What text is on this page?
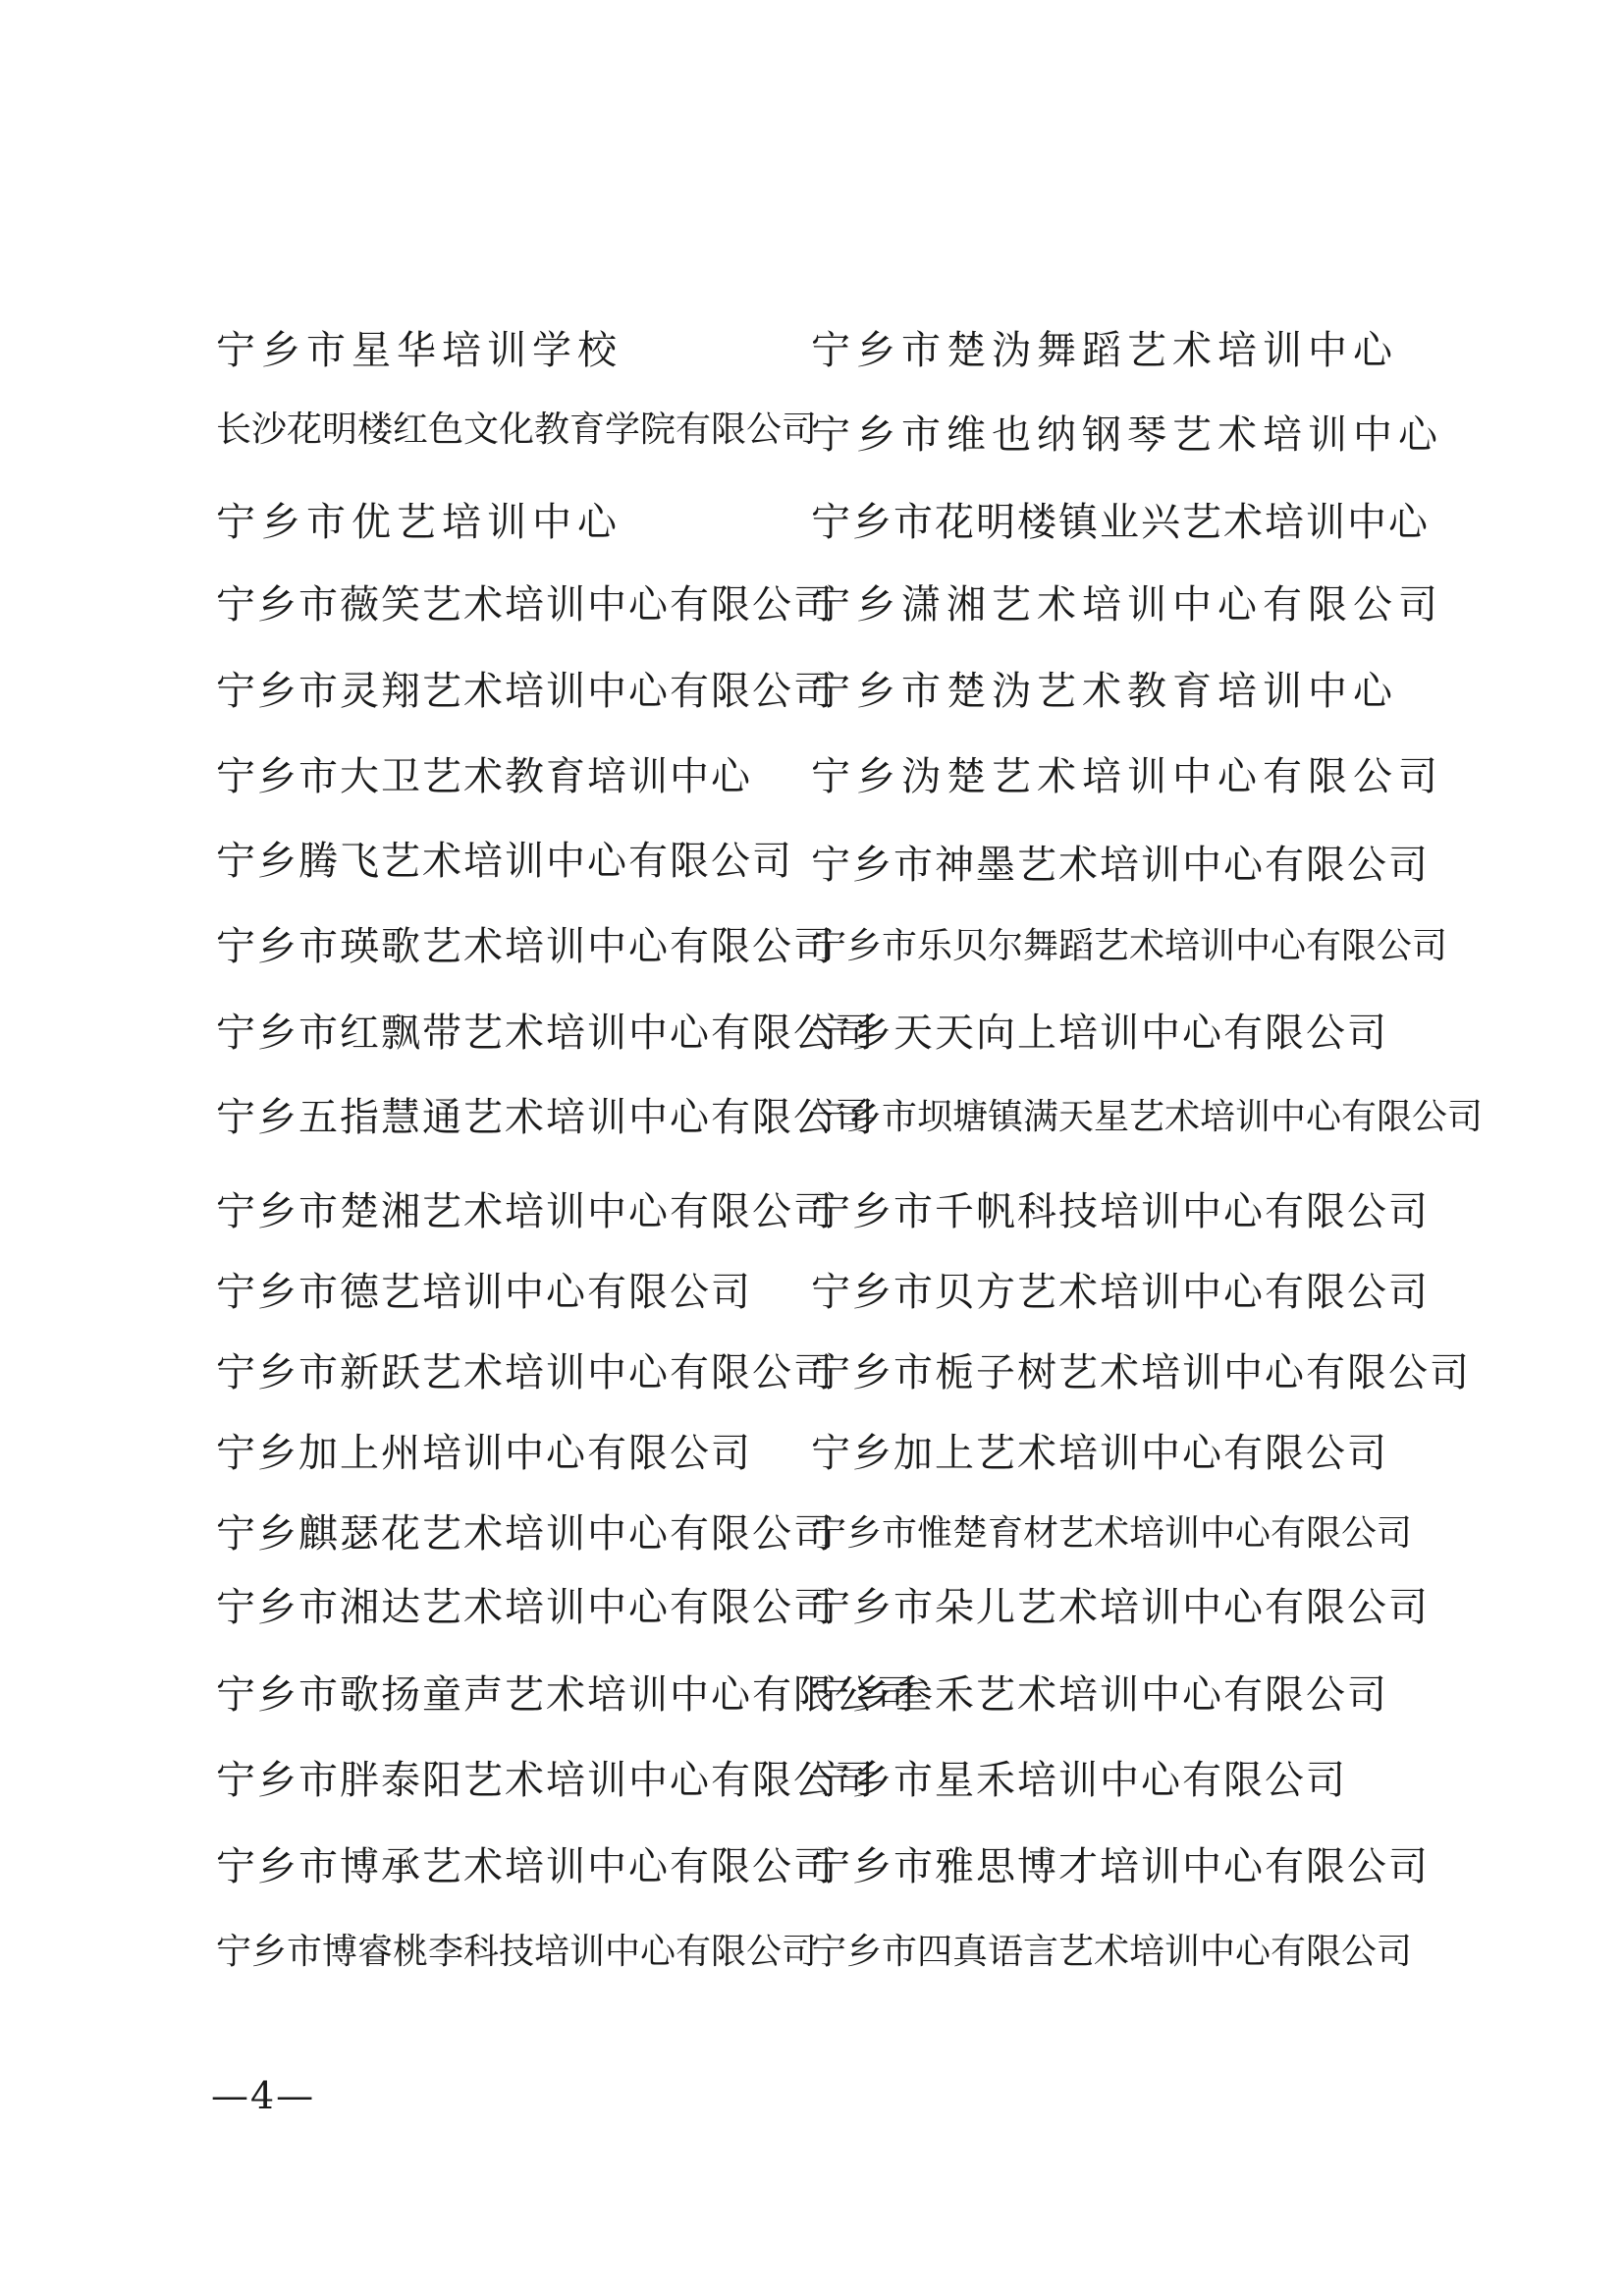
宁乡市星华培训学校
长沙花明楼红色文化教育学院有限公司
宁乡市优艺培训中心
宁乡市薇笑艺术培训中心有限公司
宁乡市灵翔艺术培训中心有限公司
宁乡市大卫艺术教育培训中心
宁乡腾飞艺术培训中心有限公司
宁乡市瑛歌艺术培训中心有限公司
宁乡市红飘带艺术培训中心有限公司
宁乡五指慧通艺术培训中心有限公司
宁乡市楚湘艺术培训中心有限公司
宁乡市德艺培训中心有限公司
宁乡市新跃艺术培训中心有限公司
宁乡加上州培训中心有限公司
宁乡麒瑟花艺术培训中心有限公司
宁乡市湘达艺术培训中心有限公司
宁乡市歌扬童声艺术培训中心有限公司
宁乡市胖泰阳艺术培训中心有限公司
宁乡市博承艺术培训中心有限公司
宁乡市博睿桃李科技培训中心有限公司
宁乡市楚沩舞蹈艺术培训中心
宁乡市维也纳钢琴艺术培训中心
宁乡市花明楼镇业兴艺术培训中心
宁乡潇湘艺术培训中心有限公司
宁乡市楚沩艺术教育培训中心
宁乡沩楚艺术培训中心有限公司
宁乡市神墨艺术培训中心有限公司
宁乡市乐贝尔舞蹈艺术培训中心有限公司
宁乡天天向上培训中心有限公司
宁乡市坝塘镇满天星艺术培训中心有限公司
宁乡市千帆科技培训中心有限公司
宁乡市贝方艺术培训中心有限公司
宁乡市栀子树艺术培训中心有限公司
宁乡加上艺术培训中心有限公司
宁乡市惟楚育材艺术培训中心有限公司
宁乡市朵儿艺术培训中心有限公司
宁乡叁禾艺术培训中心有限公司
宁乡市星禾培训中心有限公司
宁乡市雅思博才培训中心有限公司
宁乡市四真语言艺术培训中心有限公司
—4—
